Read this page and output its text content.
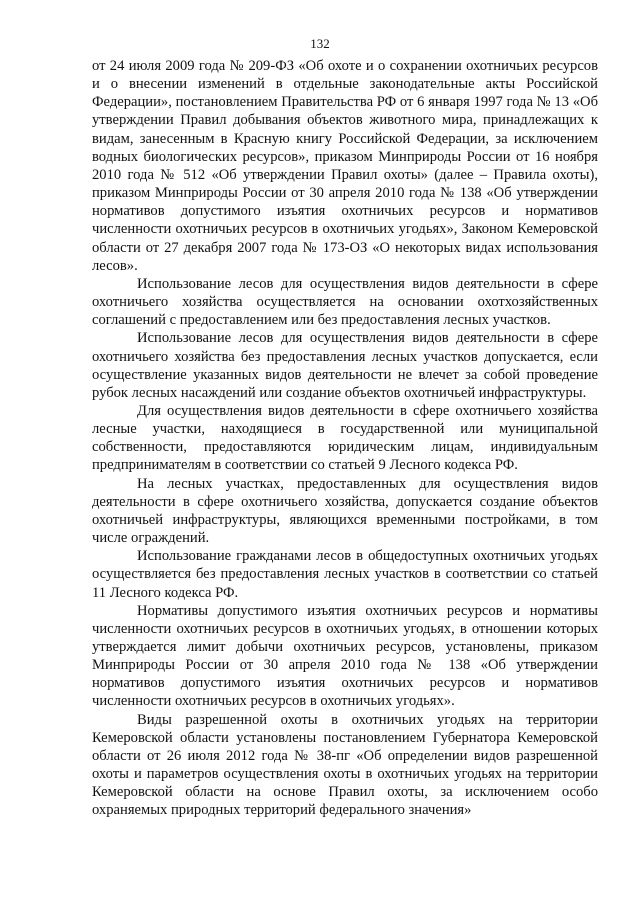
132

от 24 июля 2009 года № 209-ФЗ «Об охоте и о сохранении охотничьих ресурсов и о внесении изменений в отдельные законодательные акты Российской Федерации», постановлением Правительства РФ от 6 января 1997 года № 13 «Об утверждении Правил добывания объектов животного мира, принадлежащих к видам, занесенным в Красную книгу Российской Федерации, за исключением водных биологических ресурсов», приказом Минприроды России от 16 ноября 2010 года № 512 «Об утверждении Правил охоты» (далее – Правила охоты), приказом Минприроды России от 30 апреля 2010 года № 138 «Об утверждении нормативов допустимого изъятия охотничьих ресурсов и нормативов численности охотничьих ресурсов в охотничьих угодьях», Законом Кемеровской области от 27 декабря 2007 года № 173-ОЗ «О некоторых видах использования лесов».

Использование лесов для осуществления видов деятельности в сфере охотничьего хозяйства осуществляется на основании охотхозяйственных соглашений с предоставлением или без предоставления лесных участков.

Использование лесов для осуществления видов деятельности в сфере охотничьего хозяйства без предоставления лесных участков допускается, если осуществление указанных видов деятельности не влечет за собой проведение рубок лесных насаждений или создание объектов охотничьей инфраструктуры.

Для осуществления видов деятельности в сфере охотничьего хозяйства лесные участки, находящиеся в государственной или муниципальной собственности, предоставляются юридическим лицам, индивидуальным предпринимателям в соответствии со статьей 9 Лесного кодекса РФ.

На лесных участках, предоставленных для осуществления видов деятельности в сфере охотничьего хозяйства, допускается создание объектов охотничьей инфраструктуры, являющихся временными постройками, в том числе ограждений.

Использование гражданами лесов в общедоступных охотничьих угодьях осуществляется без предоставления лесных участков в соответствии со статьей 11 Лесного кодекса РФ.

Нормативы допустимого изъятия охотничьих ресурсов и нормативы численности охотничьих ресурсов в охотничьих угодьях, в отношении которых утверждается лимит добычи охотничьих ресурсов, установлены, приказом Минприроды России от 30 апреля 2010 года № 138 «Об утверждении нормативов допустимого изъятия охотничьих ресурсов и нормативов численности охотничьих ресурсов в охотничьих угодьях».

Виды разрешенной охоты в охотничьих угодьях на территории Кемеровской области установлены постановлением Губернатора Кемеровской области от 26 июля 2012 года № 38-пг «Об определении видов разрешенной охоты и параметров осуществления охоты в охотничьих угодьях на территории Кемеровской области на основе Правил охоты, за исключением особо охраняемых природных территорий федерального значения»
